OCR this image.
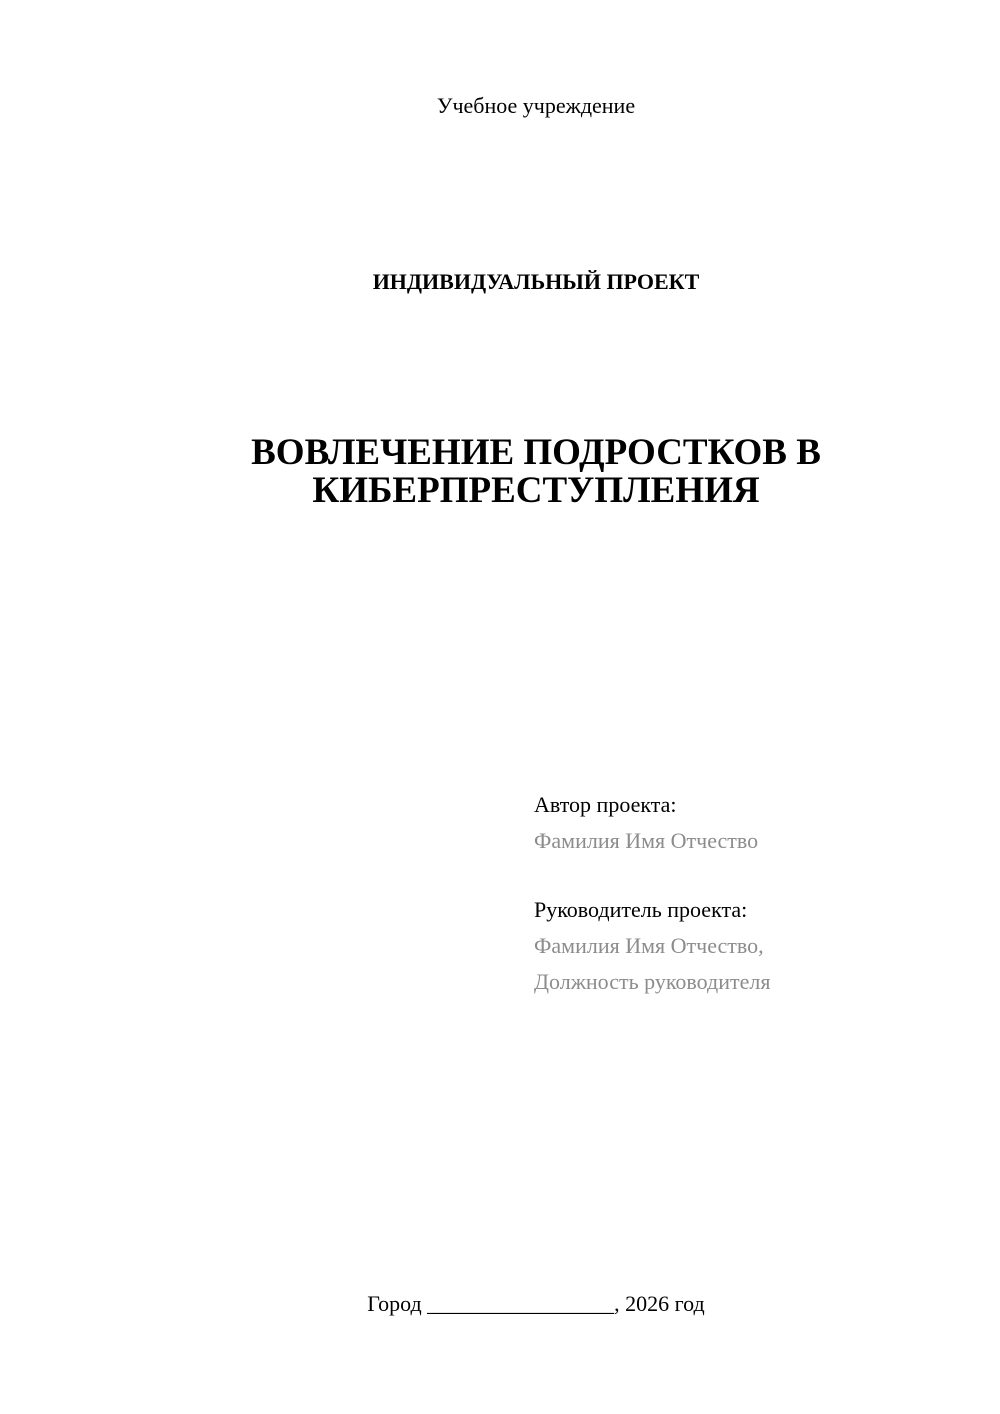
Учебное учреждение
ИНДИВИДУАЛЬНЫЙ ПРОЕКТ
ВОВЛЕЧЕНИЕ ПОДРОСТКОВ В
КИБЕРПРЕСТУПЛЕНИЯ
Автор проекта:
Фамилия Имя Отчество
Руководитель проекта:
Фамилия Имя Отчество,
Должность руководителя
Город _________________, 2026 год
